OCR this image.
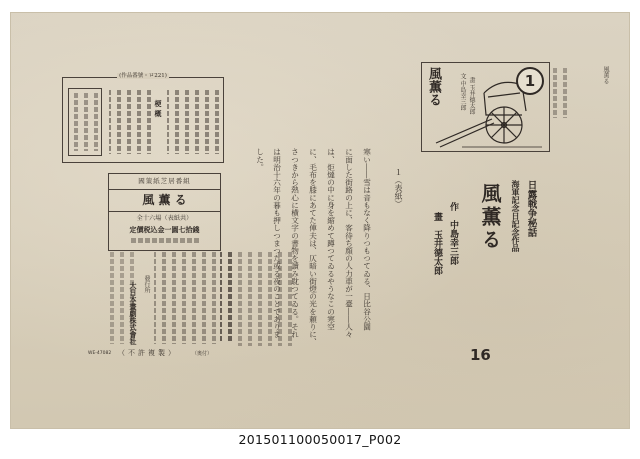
風薫る
風薫る	文 中島幸三郎 畫 玉井德太郎	1
日露戦争秘話
海軍記念日記念作品
風薫る
作　中島幸三郎
畫　玉井德太郎
16
１（表紙）
寒い――雪は音もなく降りつもつてゐる、日比谷公園
に面した街路の上に、客待ち顔の人力車が一臺――人々
は、炬燵の中に身を縮めて蹲つてゐるやうなこの寒空
に、毛布を膝にあてた俥夫は、仄暗い街燈の光を頼りに、
さつきから熱心に横文字の書物を讀み耽つてゐる。それ
は明治十六年の暮も押しつまつた或る夜のことでありま
した。
(作品番號・ロ221)
梗概
國策紙芝居番組
風 薫 る
全十六場（表紙共）
定價税込金一圓七拾錢
大日本畫劇株式會社 發行所
WE-47082 （不許複製）	（奧付）
201501100050017_P002
